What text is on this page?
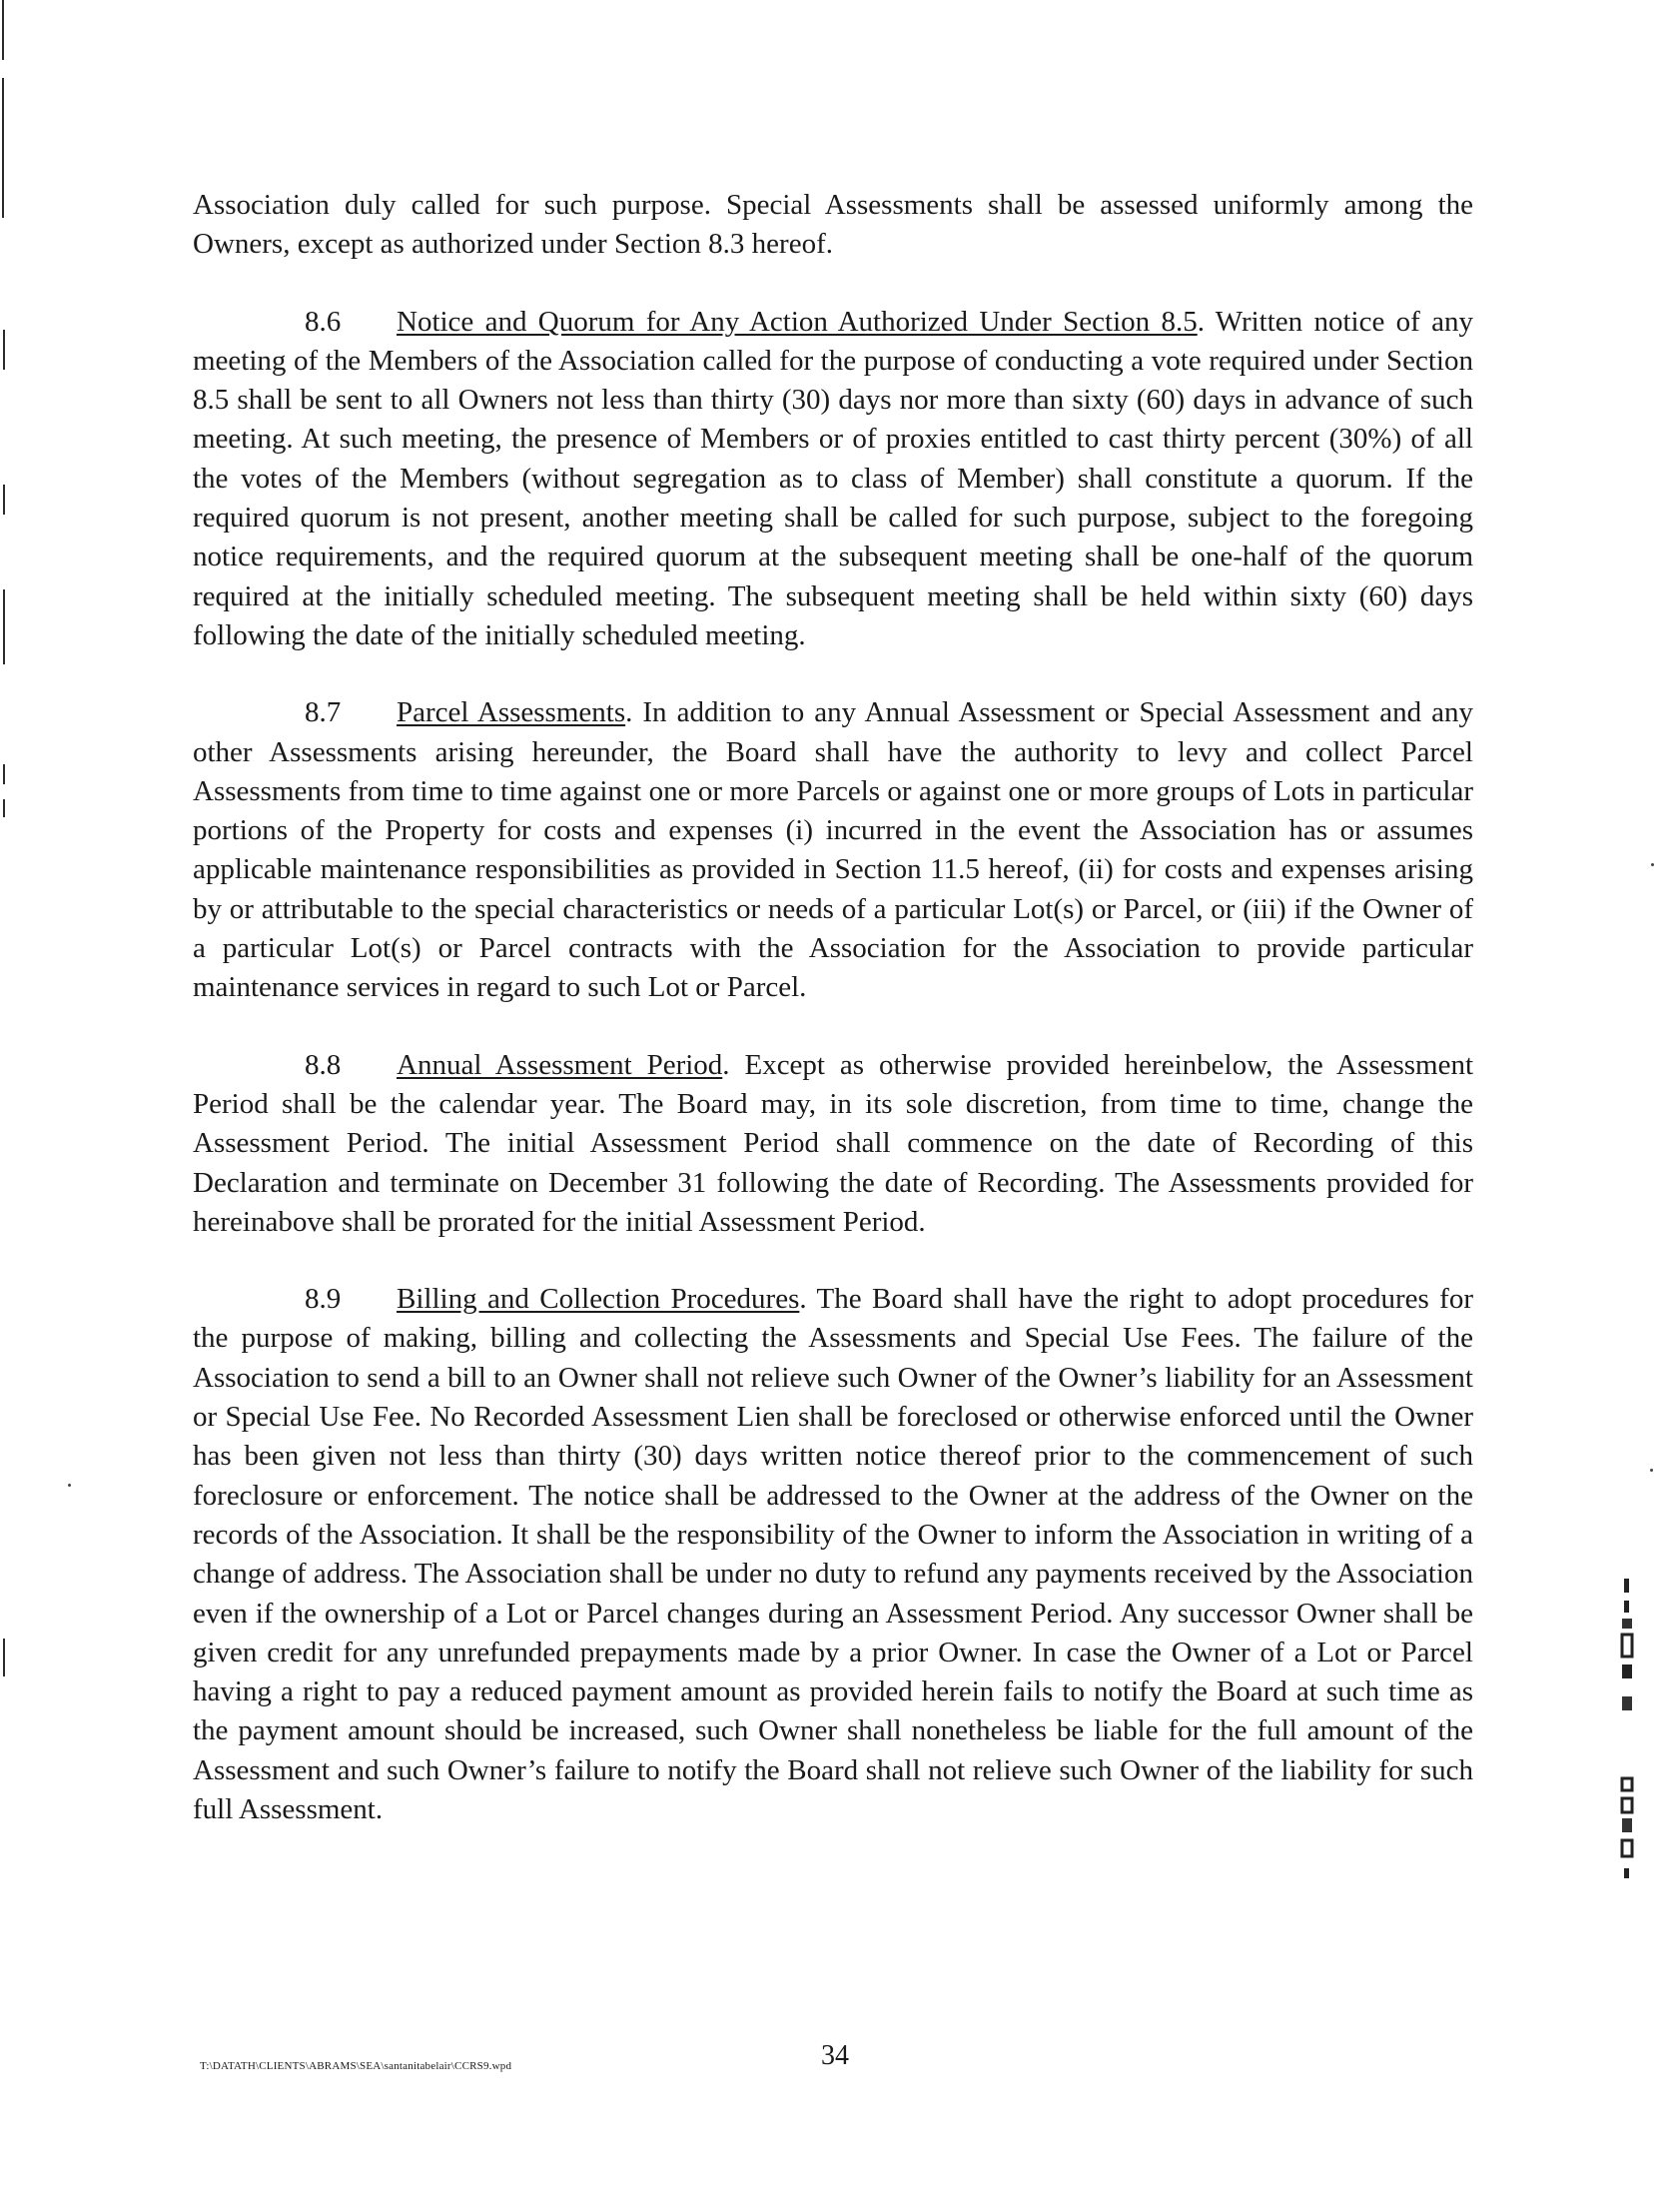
Association duly called for such purpose. Special Assessments shall be assessed uniformly among the Owners, except as authorized under Section 8.3 hereof.

8.6 Notice and Quorum for Any Action Authorized Under Section 8.5. Written notice of any meeting of the Members of the Association called for the purpose of conducting a vote required under Section 8.5 shall be sent to all Owners not less than thirty (30) days nor more than sixty (60) days in advance of such meeting. At such meeting, the presence of Members or of proxies entitled to cast thirty percent (30%) of all the votes of the Members (without segregation as to class of Member) shall constitute a quorum. If the required quorum is not present, another meeting shall be called for such purpose, subject to the foregoing notice requirements, and the required quorum at the subsequent meeting shall be one-half of the quorum required at the initially scheduled meeting. The subsequent meeting shall be held within sixty (60) days following the date of the initially scheduled meeting.

8.7 Parcel Assessments. In addition to any Annual Assessment or Special Assessment and any other Assessments arising hereunder, the Board shall have the authority to levy and collect Parcel Assessments from time to time against one or more Parcels or against one or more groups of Lots in particular portions of the Property for costs and expenses (i) incurred in the event the Association has or assumes applicable maintenance responsibilities as provided in Section 11.5 hereof, (ii) for costs and expenses arising by or attributable to the special characteristics or needs of a particular Lot(s) or Parcel, or (iii) if the Owner of a particular Lot(s) or Parcel contracts with the Association for the Association to provide particular maintenance services in regard to such Lot or Parcel.

8.8 Annual Assessment Period. Except as otherwise provided hereinbelow, the Assessment Period shall be the calendar year. The Board may, in its sole discretion, from time to time, change the Assessment Period. The initial Assessment Period shall commence on the date of Recording of this Declaration and terminate on December 31 following the date of Recording. The Assessments provided for hereinabove shall be prorated for the initial Assessment Period.

8.9 Billing and Collection Procedures. The Board shall have the right to adopt procedures for the purpose of making, billing and collecting the Assessments and Special Use Fees. The failure of the Association to send a bill to an Owner shall not relieve such Owner of the Owner’s liability for an Assessment or Special Use Fee. No Recorded Assessment Lien shall be foreclosed or otherwise enforced until the Owner has been given not less than thirty (30) days written notice thereof prior to the commencement of such foreclosure or enforcement. The notice shall be addressed to the Owner at the address of the Owner on the records of the Association. It shall be the responsibility of the Owner to inform the Association in writing of a change of address. The Association shall be under no duty to refund any payments received by the Association even if the ownership of a Lot or Parcel changes during an Assessment Period. Any successor Owner shall be given credit for any unrefunded prepayments made by a prior Owner. In case the Owner of a Lot or Parcel having a right to pay a reduced payment amount as provided herein fails to notify the Board at such time as the payment amount should be increased, such Owner shall nonetheless be liable for the full amount of the Assessment and such Owner’s failure to notify the Board shall not relieve such Owner of the liability for such full Assessment.

34
T:\DATATH\CLIENTS\ABRAMS\SEA\santanitabelair\CCRS9.wpd
